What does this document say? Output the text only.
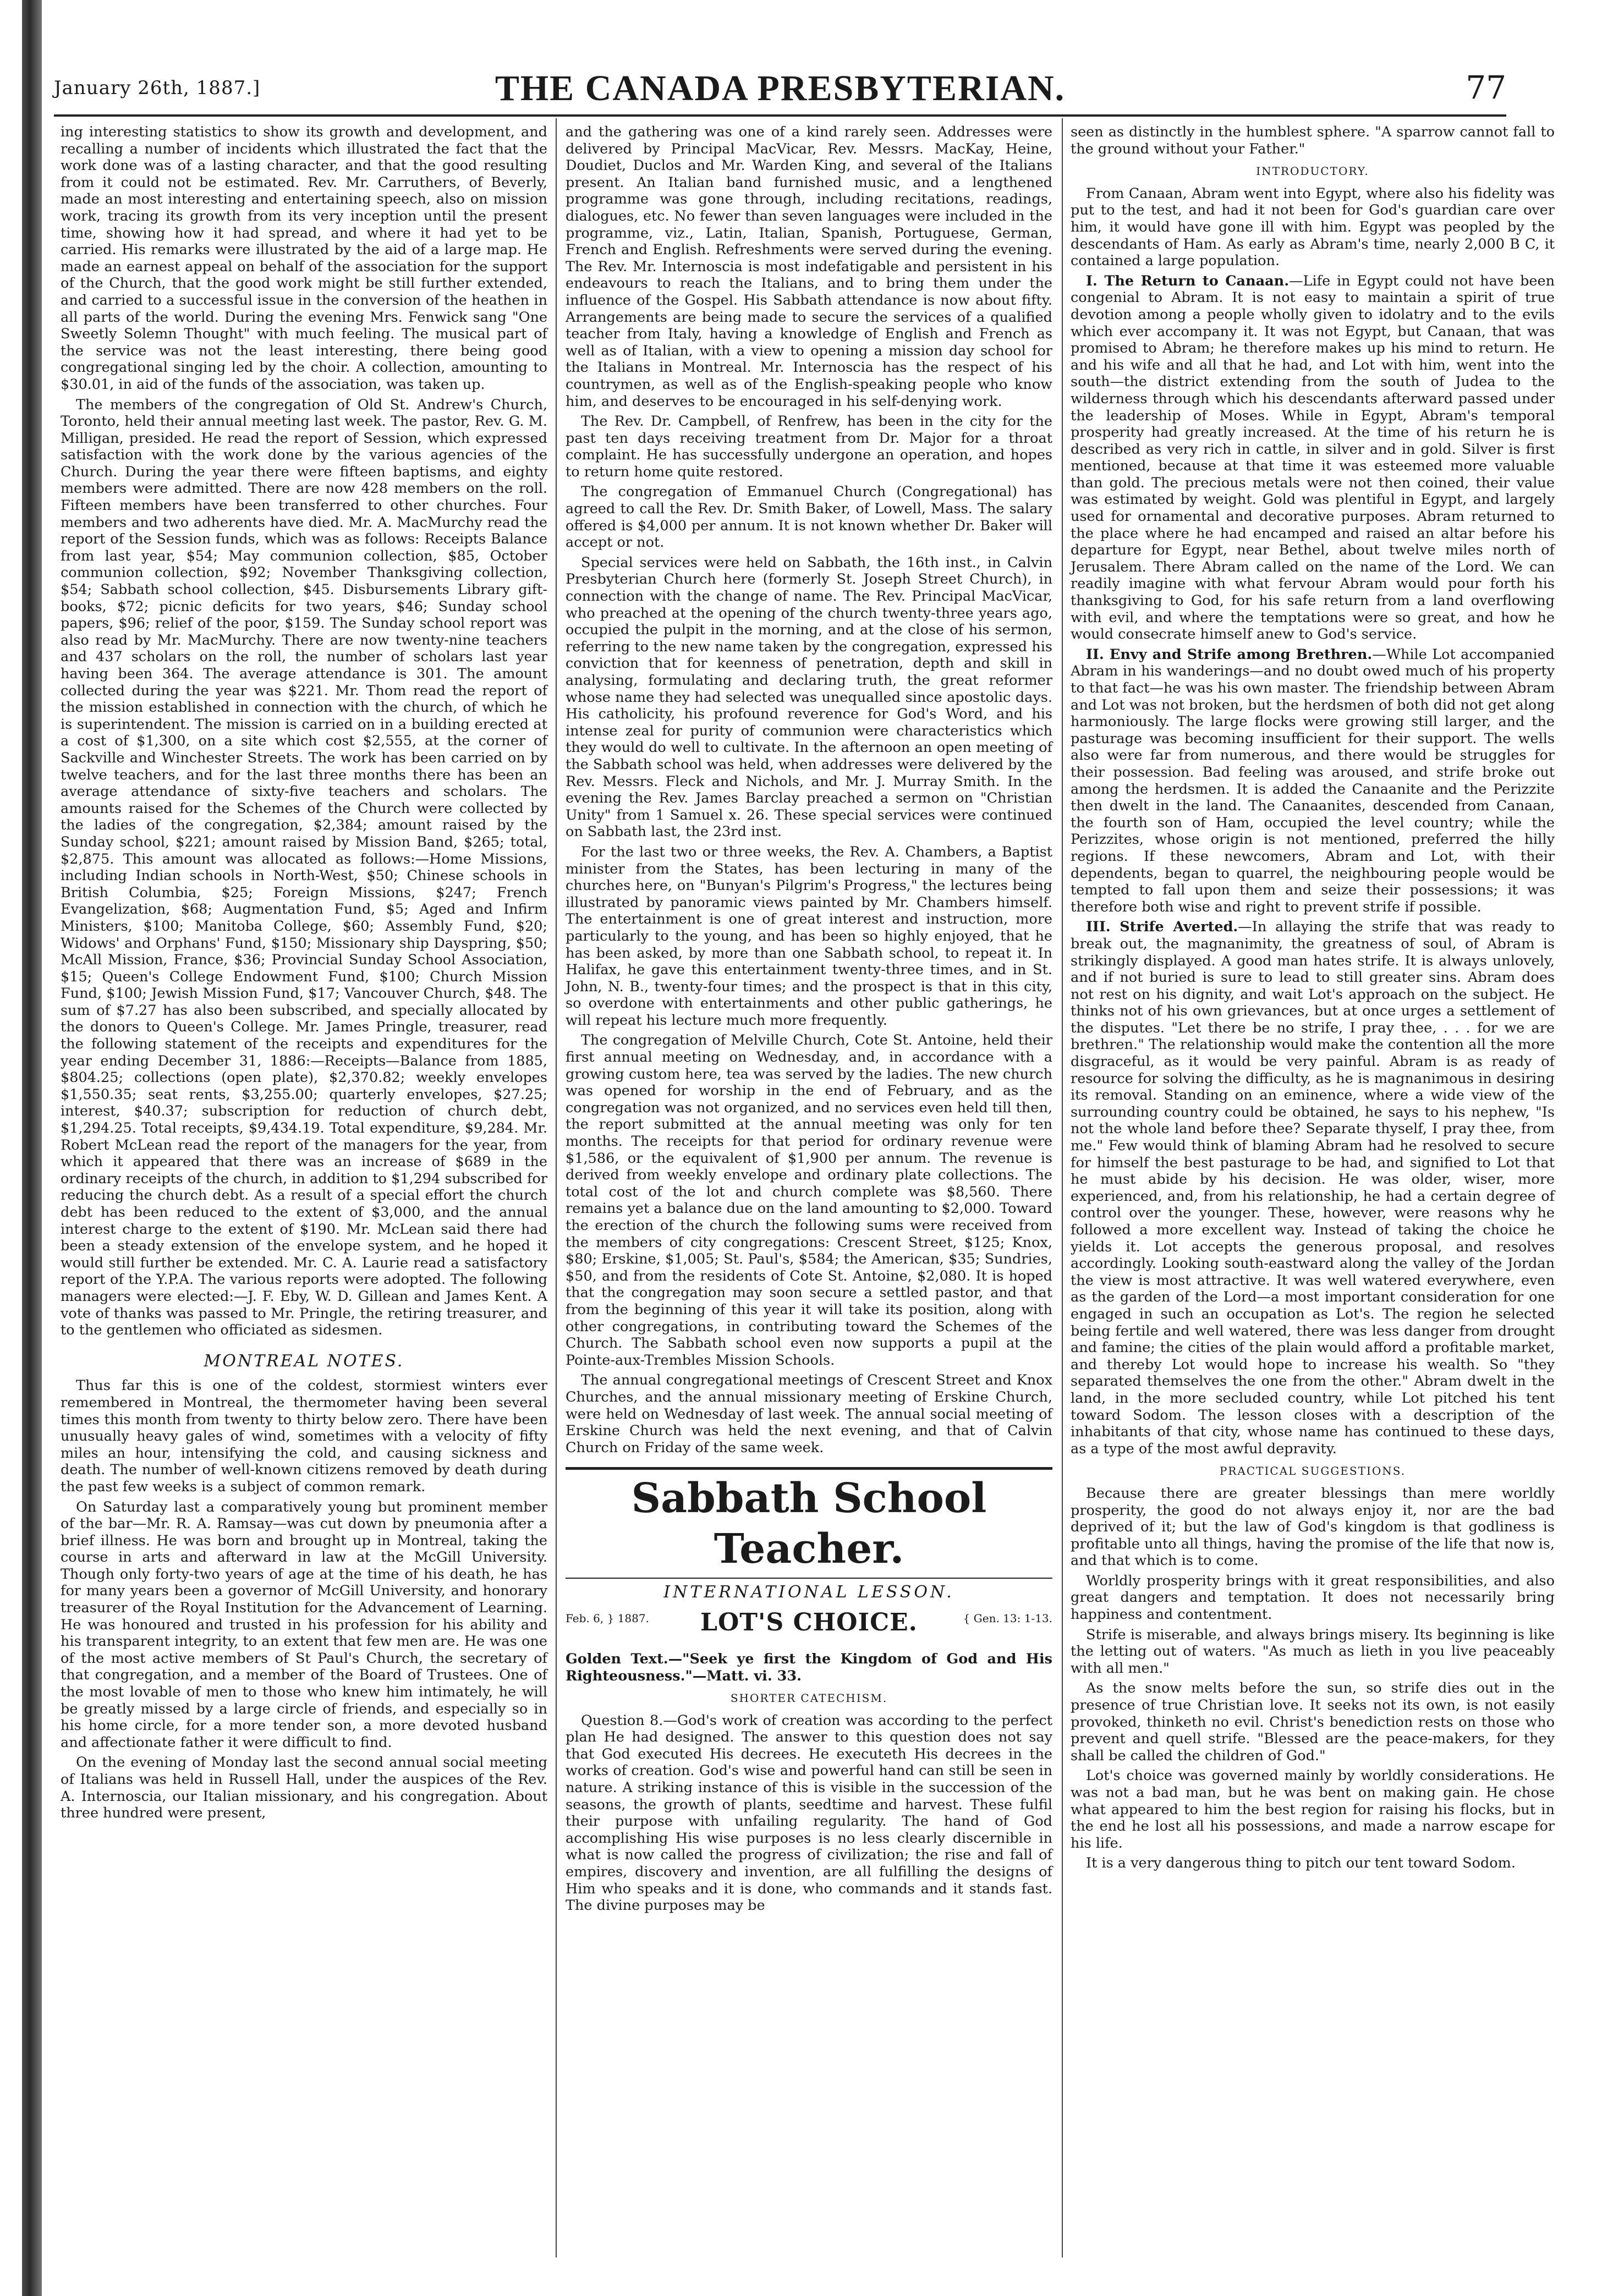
January 26th, 1887.]	THE CANADA PRESBYTERIAN.	77

ing interesting statistics to show its growth and development, and recalling a number of incidents which illustrated the fact that the work done was of a lasting character, and that the good resulting from it could not be estimated. Rev. Mr. Carruthers, of Beverly, made an most interesting and entertaining speech, also on mission work, tracing its growth from its very inception until the present time, showing how it had spread, and where it had yet to be carried. His remarks were illustrated by the aid of a large map. He made an earnest appeal on behalf of the association for the support of the Church, that the good work might be still further extended, and carried to a successful issue in the conversion of the heathen in all parts of the world. During the evening Mrs. Fenwick sang "One Sweetly Solemn Thought" with much feeling. The musical part of the service was not the least interesting, there being good congregational singing led by the choir. A collection, amounting to $30.01, in aid of the funds of the association, was taken up.

The members of the congregation of Old St. Andrew's Church, Toronto, held their annual meeting last week. The pastor, Rev. G. M. Milligan, presided. He read the report of Session, which expressed satisfaction with the work done by the various agencies of the Church. During the year there were fifteen baptisms, and eighty members were admitted. There are now 428 members on the roll. Fifteen members have been transferred to other churches. Four members and two adherents have died. Mr. A. MacMurchy read the report of the Session funds, which was as follows: Receipts Balance from last year, $54; May communion collection, $85, October communion collection, $92; November Thanksgiving collection, $54; Sabbath school collection, $45. Disbursements Library gift-books, $72; picnic deficits for two years, $46; Sunday school papers, $96; relief of the poor, $159. The Sunday school report was also read by Mr. MacMurchy. There are now twenty-nine teachers and 437 scholars on the roll, the number of scholars last year having been 364. The average attendance is 301. The amount collected during the year was $221. Mr. Thom read the report of the mission established in connection with the church, of which he is superintendent. The mission is carried on in a building erected at a cost of $1,300, on a site which cost $2,555, at the corner of Sackville and Winchester Streets. The work has been carried on by twelve teachers, and for the last three months there has been an average attendance of sixty-five teachers and scholars. The amounts raised for the Schemes of the Church were collected by the ladies of the congregation, $2,384; amount raised by the Sunday school, $221; amount raised by Mission Band, $265; total, $2,875. This amount was allocated as follows:—Home Missions, including Indian schools in North-West, $50; Chinese schools in British Columbia, $25; Foreign Missions, $247; French Evangelization, $68; Augmentation Fund, $5; Aged and Infirm Ministers, $100; Manitoba College, $60; Assembly Fund, $20; Widows' and Orphans' Fund, $150; Missionary ship Dayspring, $50; McAll Mission, France, $36; Provincial Sunday School Association, $15; Queen's College Endowment Fund, $100; Church Mission Fund, $100; Jewish Mission Fund, $17; Vancouver Church, $48. The sum of $7.27 has also been subscribed, and specially allocated by the donors to Queen's College. Mr. James Pringle, treasurer, read the following statement of the receipts and expenditures for the year ending December 31, 1886:—Receipts—Balance from 1885, $804.25; collections (open plate), $2,370.82; weekly envelopes $1,550.35; seat rents, $3,255.00; quarterly envelopes, $27.25; interest, $40.37; subscription for reduction of church debt, $1,294.25. Total receipts, $9,434.19. Total expenditure, $9,284. Mr. Robert McLean read the report of the managers for the year, from which it appeared that there was an increase of $689 in the ordinary receipts of the church, in addition to $1,294 subscribed for reducing the church debt. As a result of a special effort the church debt has been reduced to the extent of $3,000, and the annual interest charge to the extent of $190. Mr. McLean said there had been a steady extension of the envelope system, and he hoped it would still further be extended. Mr. C. A. Laurie read a satisfactory report of the Y.P.A. The various reports were adopted. The following managers were elected:—J. F. Eby, W. D. Gillean and James Kent. A vote of thanks was passed to Mr. Pringle, the retiring treasurer, and to the gentlemen who officiated as sidesmen.

MONTREAL NOTES.

Thus far this is one of the coldest, stormiest winters ever remembered in Montreal, the thermometer having been several times this month from twenty to thirty below zero. There have been unusually heavy gales of wind, sometimes with a velocity of fifty miles an hour, intensifying the cold, and causing sickness and death. The number of well-known citizens removed by death during the past few weeks is a subject of common remark.

On Saturday last a comparatively young but prominent member of the bar—Mr. R. A. Ramsay—was cut down by pneumonia after a brief illness. He was born and brought up in Montreal, taking the course in arts and afterward in law at the McGill University. Though only forty-two years of age at the time of his death, he has for many years been a governor of McGill University, and honorary treasurer of the Royal Institution for the Advancement of Learning. He was honoured and trusted in his profession for his ability and his transparent integrity, to an extent that few men are. He was one of the most active members of St Paul's Church, the secretary of that congregation, and a member of the Board of Trustees. One of the most lovable of men to those who knew him intimately, he will be greatly missed by a large circle of friends, and especially so in his home circle, for a more tender son, a more devoted husband and affectionate father it were difficult to find.

On the evening of Monday last the second annual social meeting of Italians was held in Russell Hall, under the auspices of the Rev. A. Internoscia, our Italian missionary, and his congregation. About three hundred were present,

and the gathering was one of a kind rarely seen. Addresses were delivered by Principal MacVicar, Rev. Messrs. MacKay, Heine, Doudiet, Duclos and Mr. Warden King, and several of the Italians present. An Italian band furnished music, and a lengthened programme was gone through, including recitations, readings, dialogues, etc. No fewer than seven languages were included in the programme, viz., Latin, Italian, Spanish, Portuguese, German, French and English. Refreshments were served during the evening. The Rev. Mr. Internoscia is most indefatigable and persistent in his endeavours to reach the Italians, and to bring them under the influence of the Gospel. His Sabbath attendance is now about fifty. Arrangements are being made to secure the services of a qualified teacher from Italy, having a knowledge of English and French as well as of Italian, with a view to opening a mission day school for the Italians in Montreal. Mr. Internoscia has the respect of his countrymen, as well as of the English-speaking people who know him, and deserves to be encouraged in his self-denying work.

The Rev. Dr. Campbell, of Renfrew, has been in the city for the past ten days receiving treatment from Dr. Major for a throat complaint. He has successfully undergone an operation, and hopes to return home quite restored.

The congregation of Emmanuel Church (Congregational) has agreed to call the Rev. Dr. Smith Baker, of Lowell, Mass. The salary offered is $4,000 per annum. It is not known whether Dr. Baker will accept or not.

Special services were held on Sabbath, the 16th inst., in Calvin Presbyterian Church here (formerly St. Joseph Street Church), in connection with the change of name. The Rev. Principal MacVicar, who preached at the opening of the church twenty-three years ago, occupied the pulpit in the morning, and at the close of his sermon, referring to the new name taken by the congregation, expressed his conviction that for keenness of penetration, depth and skill in analysing, formulating and declaring truth, the great reformer whose name they had selected was unequalled since apostolic days. His catholicity, his profound reverence for God's Word, and his intense zeal for purity of communion were characteristics which they would do well to cultivate. In the afternoon an open meeting of the Sabbath school was held, when addresses were delivered by the Rev. Messrs. Fleck and Nichols, and Mr. J. Murray Smith. In the evening the Rev. James Barclay preached a sermon on "Christian Unity" from 1 Samuel x. 26. These special services were continued on Sabbath last, the 23rd inst.

For the last two or three weeks, the Rev. A. Chambers, a Baptist minister from the States, has been lecturing in many of the churches here, on "Bunyan's Pilgrim's Progress," the lectures being illustrated by panoramic views painted by Mr. Chambers himself. The entertainment is one of great interest and instruction, more particularly to the young, and has been so highly enjoyed, that he has been asked, by more than one Sabbath school, to repeat it. In Halifax, he gave this entertainment twenty-three times, and in St. John, N. B., twenty-four times; and the prospect is that in this city, so overdone with entertainments and other public gatherings, he will repeat his lecture much more frequently.

The congregation of Melville Church, Cote St. Antoine, held their first annual meeting on Wednesday, and, in accordance with a growing custom here, tea was served by the ladies. The new church was opened for worship in the end of February, and as the congregation was not organized, and no services even held till then, the report submitted at the annual meeting was only for ten months. The receipts for that period for ordinary revenue were $1,586, or the equivalent of $1,900 per annum. The revenue is derived from weekly envelope and ordinary plate collections. The total cost of the lot and church complete was $8,560. There remains yet a balance due on the land amounting to $2,000. Toward the erection of the church the following sums were received from the members of city congregations: Crescent Street, $125; Knox, $80; Erskine, $1,005; St. Paul's, $584; the American, $35; Sundries, $50, and from the residents of Cote St. Antoine, $2,080. It is hoped that the congregation may soon secure a settled pastor, and that from the beginning of this year it will take its position, along with other congregations, in contributing toward the Schemes of the Church. The Sabbath school even now supports a pupil at the Pointe-aux-Trembles Mission Schools.

The annual congregational meetings of Crescent Street and Knox Churches, and the annual missionary meeting of Erskine Church, were held on Wednesday of last week. The annual social meeting of Erskine Church was held the next evening, and that of Calvin Church on Friday of the same week.

Sabbath School Teacher.
INTERNATIONAL LESSON.
Feb. 6, } 1887.	LOT'S CHOICE.	{ Gen. 13: 1-13.

Golden Text.—"Seek ye first the Kingdom of God and His Righteousness."—Matt. vi. 33.

SHORTER CATECHISM.

Question 8.—God's work of creation was according to the perfect plan He had designed. The answer to this question does not say that God executed His decrees. He executeth His decrees in the works of creation. God's wise and powerful hand can still be seen in nature. A striking instance of this is visible in the succession of the seasons, the growth of plants, seedtime and harvest. These fulfil their purpose with unfailing regularity. The hand of God accomplishing His wise purposes is no less clearly discernible in what is now called the progress of civilization; the rise and fall of empires, discovery and invention, are all fulfilling the designs of Him who speaks and it is done, who commands and it stands fast. The divine purposes may be

seen as distinctly in the humblest sphere. "A sparrow cannot fall to the ground without your Father."

INTRODUCTORY.

From Canaan, Abram went into Egypt, where also his fidelity was put to the test, and had it not been for God's guardian care over him, it would have gone ill with him. Egypt was peopled by the descendants of Ham. As early as Abram's time, nearly 2,000 B C, it contained a large population.

I. The Return to Canaan.—Life in Egypt could not have been congenial to Abram. It is not easy to maintain a spirit of true devotion among a people wholly given to idolatry and to the evils which ever accompany it. It was not Egypt, but Canaan, that was promised to Abram; he therefore makes up his mind to return. He and his wife and all that he had, and Lot with him, went into the south—the district extending from the south of Judea to the wilderness through which his descendants afterward passed under the leadership of Moses. While in Egypt, Abram's temporal prosperity had greatly increased. At the time of his return he is described as very rich in cattle, in silver and in gold. Silver is first mentioned, because at that time it was esteemed more valuable than gold. The precious metals were not then coined, their value was estimated by weight. Gold was plentiful in Egypt, and largely used for ornamental and decorative purposes. Abram returned to the place where he had encamped and raised an altar before his departure for Egypt, near Bethel, about twelve miles north of Jerusalem. There Abram called on the name of the Lord. We can readily imagine with what fervour Abram would pour forth his thanksgiving to God, for his safe return from a land overflowing with evil, and where the temptations were so great, and how he would consecrate himself anew to God's service.

II. Envy and Strife among Brethren.—While Lot accompanied Abram in his wanderings—and no doubt owed much of his property to that fact—he was his own master. The friendship between Abram and Lot was not broken, but the herdsmen of both did not get along harmoniously. The large flocks were growing still larger, and the pasturage was becoming insufficient for their support. The wells also were far from numerous, and there would be struggles for their possession. Bad feeling was aroused, and strife broke out among the herdsmen. It is added the Canaanite and the Perizzite then dwelt in the land. The Canaanites, descended from Canaan, the fourth son of Ham, occupied the level country; while the Perizzites, whose origin is not mentioned, preferred the hilly regions. If these newcomers, Abram and Lot, with their dependents, began to quarrel, the neighbouring people would be tempted to fall upon them and seize their possessions; it was therefore both wise and right to prevent strife if possible.

III. Strife Averted.—In allaying the strife that was ready to break out, the magnanimity, the greatness of soul, of Abram is strikingly displayed. A good man hates strife. It is always unlovely, and if not buried is sure to lead to still greater sins. Abram does not rest on his dignity, and wait Lot's approach on the subject. He thinks not of his own grievances, but at once urges a settlement of the disputes. "Let there be no strife, I pray thee, . . . for we are brethren." The relationship would make the contention all the more disgraceful, as it would be very painful. Abram is as ready of resource for solving the difficulty, as he is magnanimous in desiring its removal. Standing on an eminence, where a wide view of the surrounding country could be obtained, he says to his nephew, "Is not the whole land before thee? Separate thyself, I pray thee, from me." Few would think of blaming Abram had he resolved to secure for himself the best pasturage to be had, and signified to Lot that he must abide by his decision. He was older, wiser, more experienced, and, from his relationship, he had a certain degree of control over the younger. These, however, were reasons why he followed a more excellent way. Instead of taking the choice he yields it. Lot accepts the generous proposal, and resolves accordingly. Looking south-eastward along the valley of the Jordan the view is most attractive. It was well watered everywhere, even as the garden of the Lord—a most important consideration for one engaged in such an occupation as Lot's. The region he selected being fertile and well watered, there was less danger from drought and famine; the cities of the plain would afford a profitable market, and thereby Lot would hope to increase his wealth. So "they separated themselves the one from the other." Abram dwelt in the land, in the more secluded country, while Lot pitched his tent toward Sodom. The lesson closes with a description of the inhabitants of that city, whose name has continued to these days, as a type of the most awful depravity.

PRACTICAL SUGGESTIONS.

Because there are greater blessings than mere worldly prosperity, the good do not always enjoy it, nor are the bad deprived of it; but the law of God's kingdom is that godliness is profitable unto all things, having the promise of the life that now is, and that which is to come.

Worldly prosperity brings with it great responsibilities, and also great dangers and temptation. It does not necessarily bring happiness and contentment.

Strife is miserable, and always brings misery. Its beginning is like the letting out of waters. "As much as lieth in you live peaceably with all men."

As the snow melts before the sun, so strife dies out in the presence of true Christian love. It seeks not its own, is not easily provoked, thinketh no evil. Christ's benediction rests on those who prevent and quell strife. "Blessed are the peace-makers, for they shall be called the children of God."

Lot's choice was governed mainly by worldly considerations. He was not a bad man, but he was bent on making gain. He chose what appeared to him the best region for raising his flocks, but in the end he lost all his possessions, and made a narrow escape for his life.

It is a very dangerous thing to pitch our tent toward Sodom.
